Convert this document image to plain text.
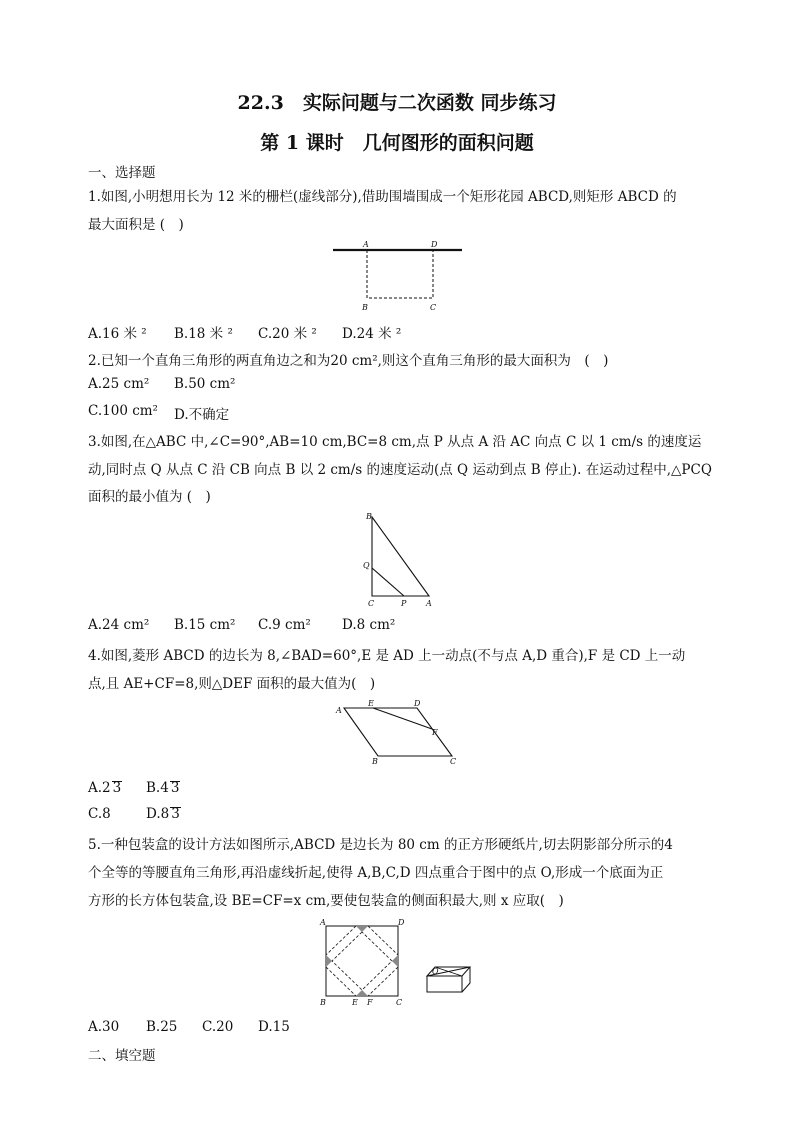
22.3　实际问题与二次函数 同步练习
第 1 课时　几何图形的面积问题
一、选择题
1.如图,小明想用长为 12 米的栅栏(虚线部分),借助围墙围成一个矩形花园 ABCD,则矩形 ABCD 的
最大面积是 (　)
A	D
B	C
A.16 米 ² B.18 米 ² C.20 米 ² D.24 米 ²
2.已知一个直角三角形的两直角边之和为20 cm²,则这个直角三角形的最大面积为　(　)
A.25 cm² B.50 cm²
C.100 cm² D.不确定
3.如图,在△ABC 中,∠C=90°,AB=10 cm,BC=8 cm,点 P 从点 A 沿 AC 向点 C 以 1 cm/s 的速度运
动,同时点 Q 从点 C 沿 CB 向点 B 以 2 cm/s 的速度运动(点 Q 运动到点 B 停止). 在运动过程中,△PCQ
面积的最小值为 (　)
B
Q
C	P A
A.24 cm² B.15 cm² C.9 cm² D.8 cm²
4.如图,菱形 ABCD 的边长为 8,∠BAD=60°,E 是 AD 上一动点(不与点 A,D 重合),F 是 CD 上一动
点,且 AE+CF=8,则△DEF 面积的最大值为(　)
A
E	D
F
B	C
A.2 3 B.4 3
C.8	D.8 3
5.一种包装盒的设计方法如图所示,ABCD 是边长为 80 cm 的正方形硬纸片,切去阴影部分所示的4
个全等的等腰直角三角形,再沿虚线折起,使得 A,B,C,D 四点重合于图中的点 O,形成一个底面为正
方形的长方体包装盒,设 BE=CF=x cm,要使包装盒的侧面积最大,则 x 应取(　)
A	D
B	E F	C
O
A.30 B.25 C.20 D.15
二、填空题
